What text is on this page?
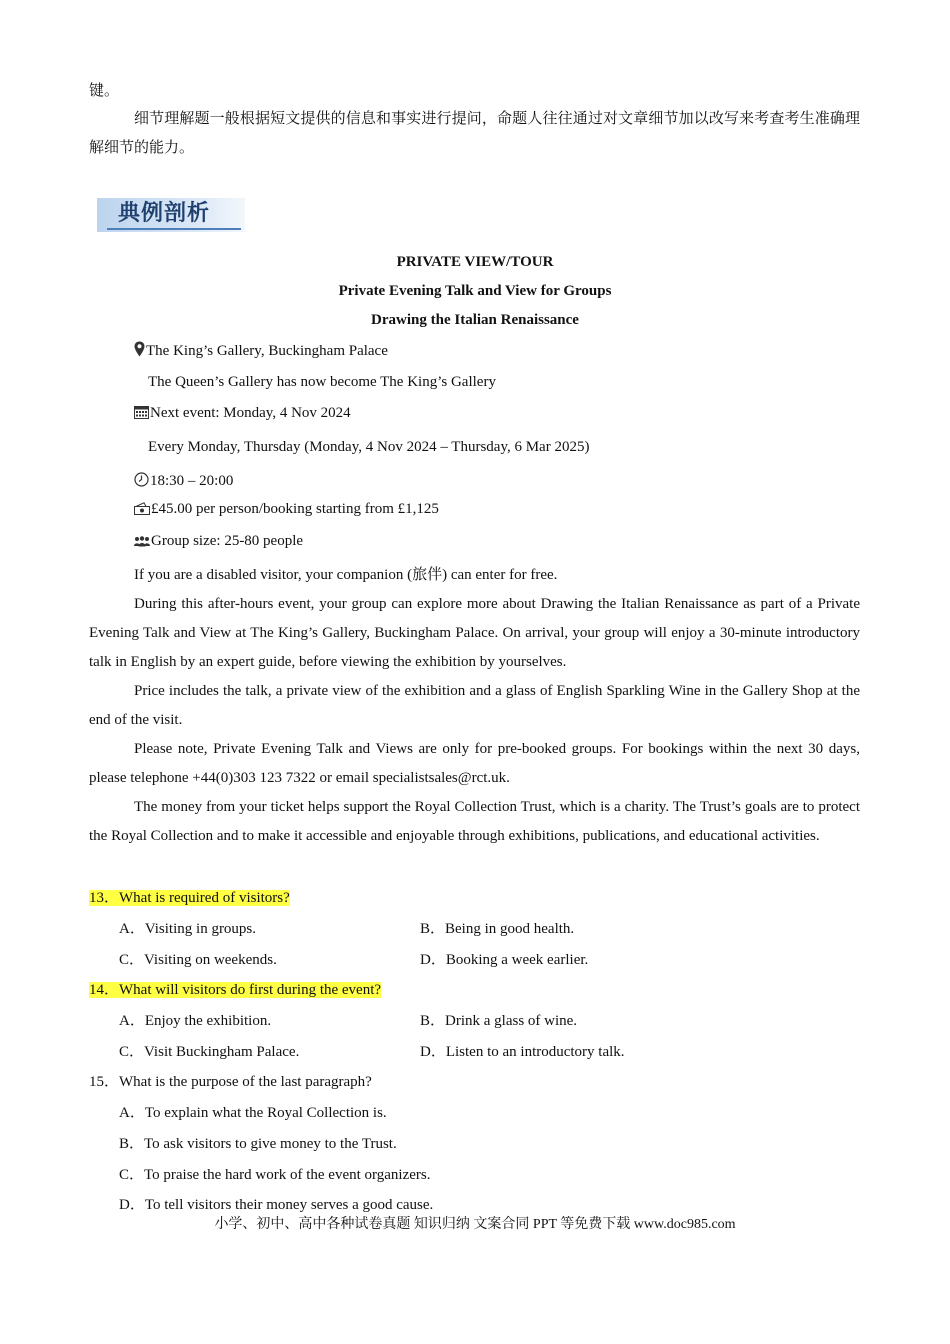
键。
细节理解题一般根据短文提供的信息和事实进行提问，命题人往往通过对文章细节加以改写来考查考生准确理解细节的能力。
典例剖析
PRIVATE VIEW/TOUR
Private Evening Talk and View for Groups
Drawing the Italian Renaissance
The King’s Gallery, Buckingham Palace
The Queen’s Gallery has now become The King’s Gallery
Next event: Monday, 4 Nov 2024
Every Monday, Thursday (Monday, 4 Nov 2024 – Thursday, 6 Mar 2025)
18:30 – 20:00
£45.00 per person/booking starting from £1,125
Group size: 25-80 people
If you are a disabled visitor, your companion (旅伴) can enter for free.
During this after-hours event, your group can explore more about Drawing the Italian Renaissance as part of a Private Evening Talk and View at The King’s Gallery, Buckingham Palace. On arrival, your group will enjoy a 30-minute introductory talk in English by an expert guide, before viewing the exhibition by yourselves.
Price includes the talk, a private view of the exhibition and a glass of English Sparkling Wine in the Gallery Shop at the end of the visit.
Please note, Private Evening Talk and Views are only for pre-booked groups. For bookings within the next 30 days, please telephone +44(0)303 123 7322 or email specialistsales@rct.uk.
The money from your ticket helps support the Royal Collection Trust, which is a charity. The Trust’s goals are to protect the Royal Collection and to make it accessible and enjoyable through exhibitions, publications, and educational activities.
13．What is required of visitors?
A．Visiting in groups.	B．Being in good health.
C．Visiting on weekends.	D．Booking a week earlier.
14．What will visitors do first during the event?
A．Enjoy the exhibition.	B．Drink a glass of wine.
C．Visit Buckingham Palace.	D．Listen to an introductory talk.
15．What is the purpose of the last paragraph?
A．To explain what the Royal Collection is.
B．To ask visitors to give money to the Trust.
C．To praise the hard work of the event organizers.
D．To tell visitors their money serves a good cause.
小学、初中、高中各种试卷真题 知识归纳 文案合同 PPT 等免费下载 www.doc985.com
